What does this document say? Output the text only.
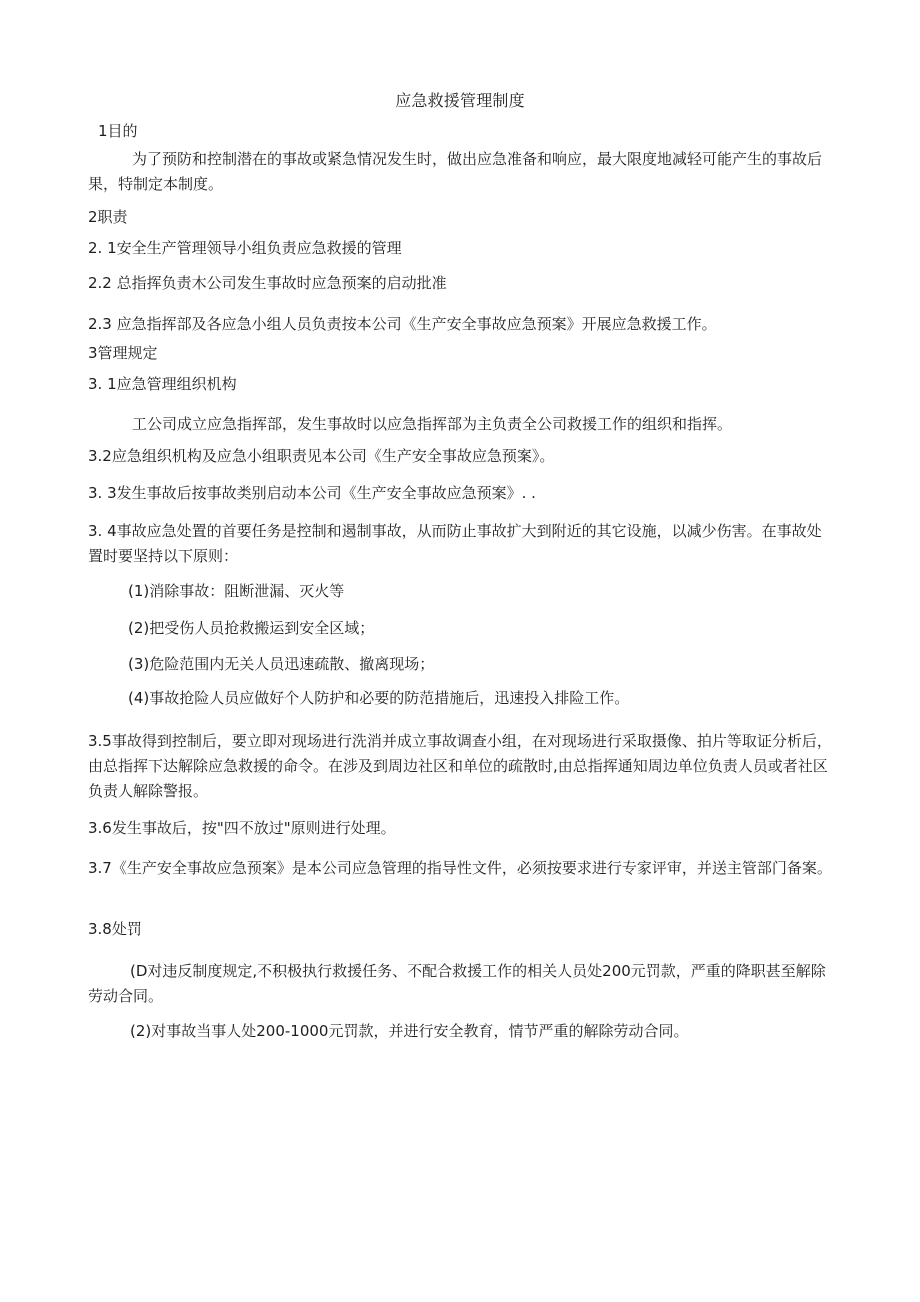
应急救援管理制度
1目的
为了预防和控制潜在的事故或紧急情况发生时，做出应急准备和响应，最大限度地减轻可能产生的事故后果，特制定本制度。
2职责
2. 1安全生产管理领导小组负责应急救援的管理
2.2 总指挥负责木公司发生事故时应急预案的启动批准
2.3 应急指挥部及各应急小组人员负责按本公司《生产安全事故应急预案》开展应急救援工作。
3管理规定
3. 1应急管理组织机构
工公司成立应急指挥部，发生事故时以应急指挥部为主负责全公司救援工作的组织和指挥。
3.2应急组织机构及应急小组职责见本公司《生产安全事故应急预案》。
3. 3发生事故后按事故类别启动本公司《生产安全事故应急预案》. .
3. 4事故应急处置的首要任务是控制和遏制事故，从而防止事故扩大到附近的其它设施，以减少伤害。在事故处置时要坚持以下原则：
(1)消除事故：阻断泄漏、灭火等
(2)把受伤人员抢救搬运到安全区域；
(3)危险范围内无关人员迅速疏散、撤离现场；
(4)事故抢险人员应做好个人防护和必要的防范措施后，迅速投入排险工作。
3.5事故得到控制后，要立即对现场进行洗消并成立事故调查小组，在对现场进行采取摄像、拍片等取证分析后，由总指挥下达解除应急救援的命令。在涉及到周边社区和单位的疏散时,由总指挥通知周边单位负责人员或者社区负责人解除警报。
3.6发生事故后，按"四不放过"原则进行处理。
3.7《生产安全事故应急预案》是本公司应急管理的指导性文件，必须按要求进行专家评审，并送主管部门备案。
3.8处罚
(D对违反制度规定,不积极执行救援任务、不配合救援工作的相关人员处200元罚款，严重的降职甚至解除劳动合同。
(2)对事故当事人处200-1000元罚款，并进行安全教育，情节严重的解除劳动合同。
